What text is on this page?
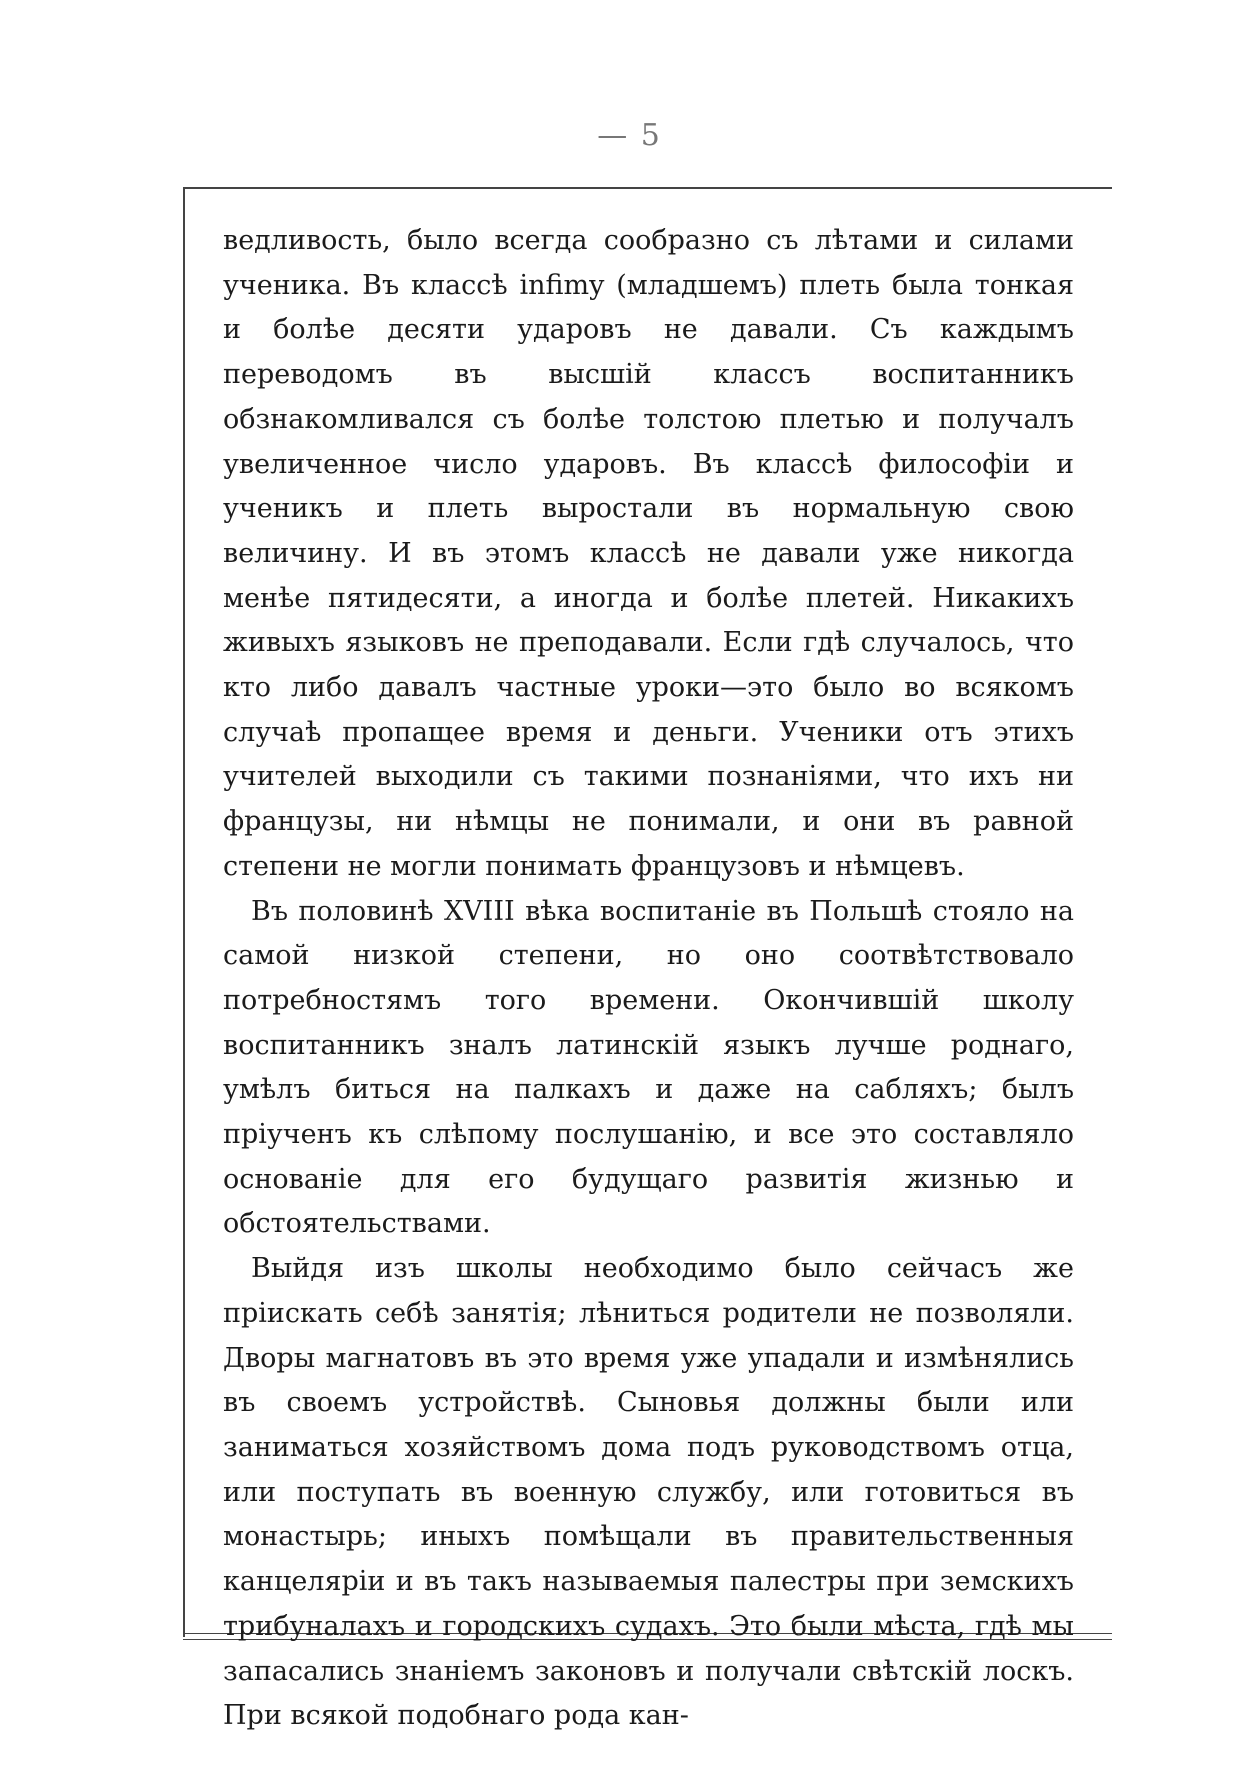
— 5

ведливость, было всегда сообразно съ лѣтами и силами ученика. Въ классѣ infimy (младшемъ) плеть была тонкая и болѣе десяти ударовъ не давали. Съ каждымъ переводомъ въ высшій классъ воспитанникъ обзнакомливался съ болѣе толстою плетью и получалъ увеличенное число ударовъ. Въ классѣ философіи и ученикъ и плеть выростали въ нормальную свою величину. И въ этомъ классѣ не давали уже никогда менѣе пятидесяти, а иногда и болѣе плетей. Никакихъ живыхъ языковъ не преподавали. Если гдѣ случалось, что кто либо давалъ частные уроки—это было во всякомъ случаѣ пропащее время и деньги. Ученики отъ этихъ учителей выходили съ такими познаніями, что ихъ ни французы, ни нѣмцы не понимали, и они въ равной степени не могли понимать французовъ и нѣмцевъ.

Въ половинѣ XVIII вѣка воспитаніе въ Польшѣ стояло на самой низкой степени, но оно соотвѣтствовало потребностямъ того времени. Окончившій школу воспитанникъ зналъ латинскій языкъ лучше роднаго, умѣлъ биться на палкахъ и даже на сабляхъ; былъ пріученъ къ слѣпому послушанію, и все это составляло основаніе для его будущаго развитія жизнью и обстоятельствами.

Выйдя изъ школы необходимо было сейчасъ же пріискать себѣ занятія; лѣниться родители не позволяли. Дворы магнатовъ въ это время уже упадали и измѣнялись въ своемъ устройствѣ. Сыновья должны были или заниматься хозяйствомъ дома подъ руководствомъ отца, или поступать въ военную службу, или готовиться въ монастырь; иныхъ помѣщали въ правительственныя канцеляріи и въ такъ называемыя палестры при земскихъ трибуналахъ и городскихъ судахъ. Это были мѣста, гдѣ мы запасались знаніемъ законовъ и получали свѣтскій лоскъ. При всякой подобнаго рода кан-
